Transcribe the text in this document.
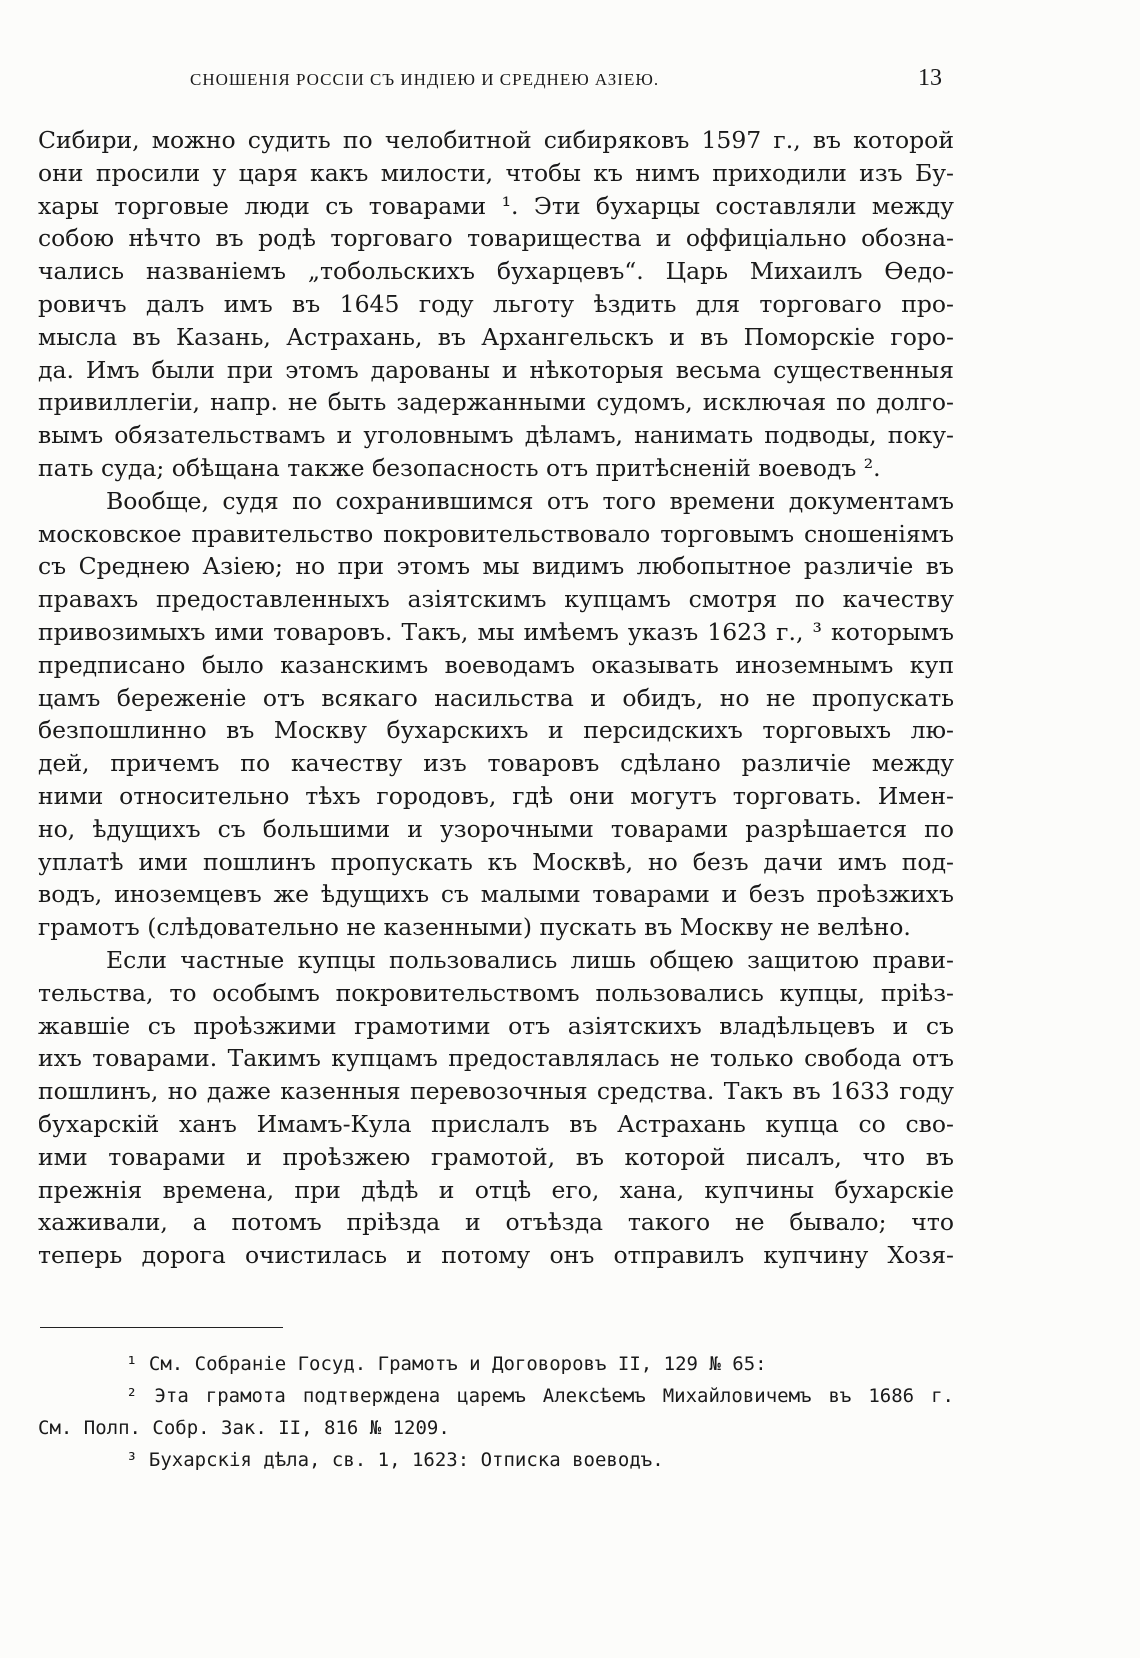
СНОШЕНІЯ РОССІИ СЪ ИНДІЕЮ И СРЕДНЕЮ АЗІЕЮ.	13
Сибири, можно судить по челобитной сибиряковъ 1597 г., въ которой
они просили у царя какъ милости, чтобы къ нимъ приходили изъ Бу-
хары торговые люди съ товарами ¹. Эти бухарцы составляли между
собою нѣчто въ родѣ торговаго товарищества и оффиціально обозна-
чались названіемъ „тобольскихъ бухарцевъ“. Царь Михаилъ Ѳедо-
ровичъ далъ имъ въ 1645 году льготу ѣздить для торговаго про-
мысла въ Казань, Астрахань, въ Архангельскъ и въ Поморскіе горо-
да. Имъ были при этомъ дарованы и нѣкоторыя весьма существенныя
привиллегіи, напр. не быть задержанными судомъ, исключая по долго-
вымъ обязательствамъ и уголовнымъ дѣламъ, нанимать подводы, поку-
пать суда; обѣщана также безопасность отъ притѣсненій воеводъ ².
Вообще, судя по сохранившимся отъ того времени документамъ
московское правительство покровительствовало торговымъ сношеніямъ
съ Среднею Азіею; но при этомъ мы видимъ любопытное различіе въ
правахъ предоставленныхъ азіятскимъ купцамъ смотря по качеству
привозимыхъ ими товаровъ. Такъ, мы имѣемъ указъ 1623 г., ³ которымъ
предписано было казанскимъ воеводамъ оказывать иноземнымъ куп
цамъ береженіе отъ всякаго насильства и обидъ, но не пропускать
безпошлинно въ Москву бухарскихъ и персидскихъ торговыхъ лю-
дей, причемъ по качеству изъ товаровъ сдѣлано различіе между
ними относительно тѣхъ городовъ, гдѣ они могутъ торговать. Имен-
но, ѣдущихъ съ большими и узорочными товарами разрѣшается по
уплатѣ ими пошлинъ пропускать къ Москвѣ, но безъ дачи имъ под-
водъ, иноземцевъ же ѣдущихъ съ малыми товарами и безъ проѣзжихъ
грамотъ (слѣдовательно не казенными) пускать въ Москву не велѣно.
Если частные купцы пользовались лишь общею защитою прави-
тельства, то особымъ покровительствомъ пользовались купцы, пріѣз-
жавшіе съ проѣзжими грамотими отъ азіятскихъ владѣльцевъ и съ
ихъ товарами. Такимъ купцамъ предоставлялась не только свобода отъ
пошлинъ, но даже казенныя перевозочныя средства. Такъ въ 1633 году
бухарскій ханъ Имамъ-Кула прислалъ въ Астрахань купца со сво-
ими товарами и проѣзжею грамотой, въ которой писалъ, что въ
прежнія времена, при дѣдѣ и отцѣ его, хана, купчины бухарскіе
хаживали, а потомъ пріѣзда и отъѣзда такого не бывало; что
теперь дорога очистилась и потому онъ отправилъ купчину Хозя-
¹ См. Собраніе Госуд. Грамотъ и Договоровъ II, 129 № 65:
² Эта грамота подтверждена царемъ Алексѣемъ Михайловичемъ въ 1686 г.
См. Полп. Собр. Зак. II, 816 № 1209.
³ Бухарскія дѣла, св. 1, 1623: Отписка воеводъ.
